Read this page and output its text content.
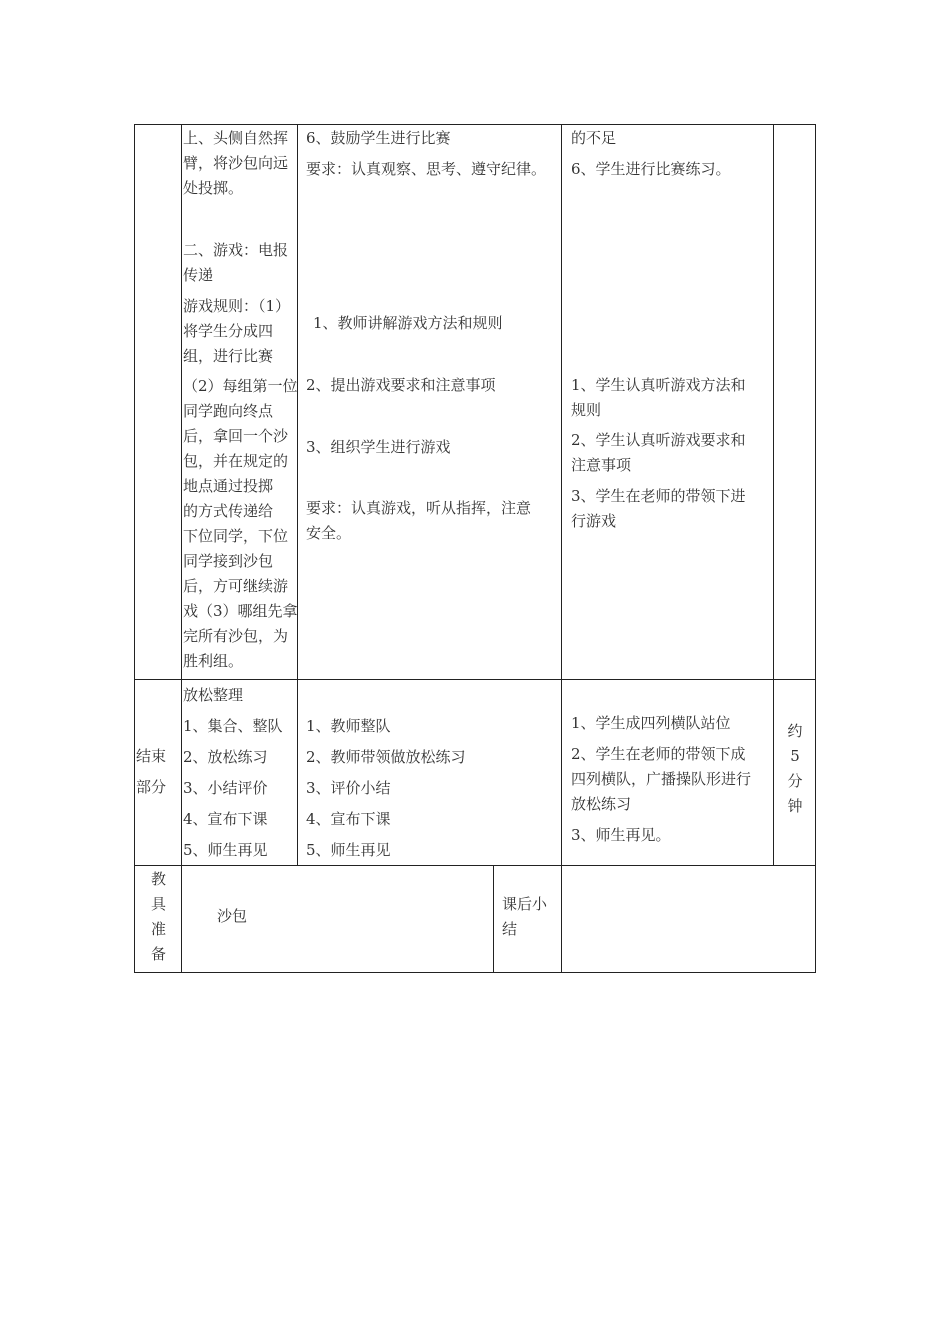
上、头侧自然挥

臂，将沙包向远

处投掷。

二、游戏：电报

传递

游戏规则：（1）

将学生分成四

组，进行比赛

（2）每组第一位

同学跑向终点

后，拿回一个沙

包，并在规定的

地点通过投掷

的方式传递给

下位同学，下位

同学接到沙包

后，方可继续游

戏（3）哪组先拿

完所有沙包，为

胜利组。

6、鼓励学生进行比赛
要求：认真观察、思考、遵守纪律。
1、教师讲解游戏方法和规则
2、提出游戏要求和注意事项
3、组织学生进行游戏

要求：认真游戏，听从指挥，注意

安全。

的不足
6、学生进行比赛练习。

1、学生认真听游戏方法和

规则

2、学生认真听游戏要求和

注意事项

3、学生在老师的带领下进

行游戏

结束

部分

放松整理

1、集合、整队

2、放松练习

3、小结评价

4、宣布下课

5、师生再见

1、教师整队

2、教师带领做放松练习

3、评价小结

4、宣布下课

5、师生再见

1、学生成四列横队站位

2、学生在老师的带领下成

四列横队，广播操队形进行

放松练习

3、师生再见。

约

5

分

钟

教

具

准

备

沙包

课后小

结
